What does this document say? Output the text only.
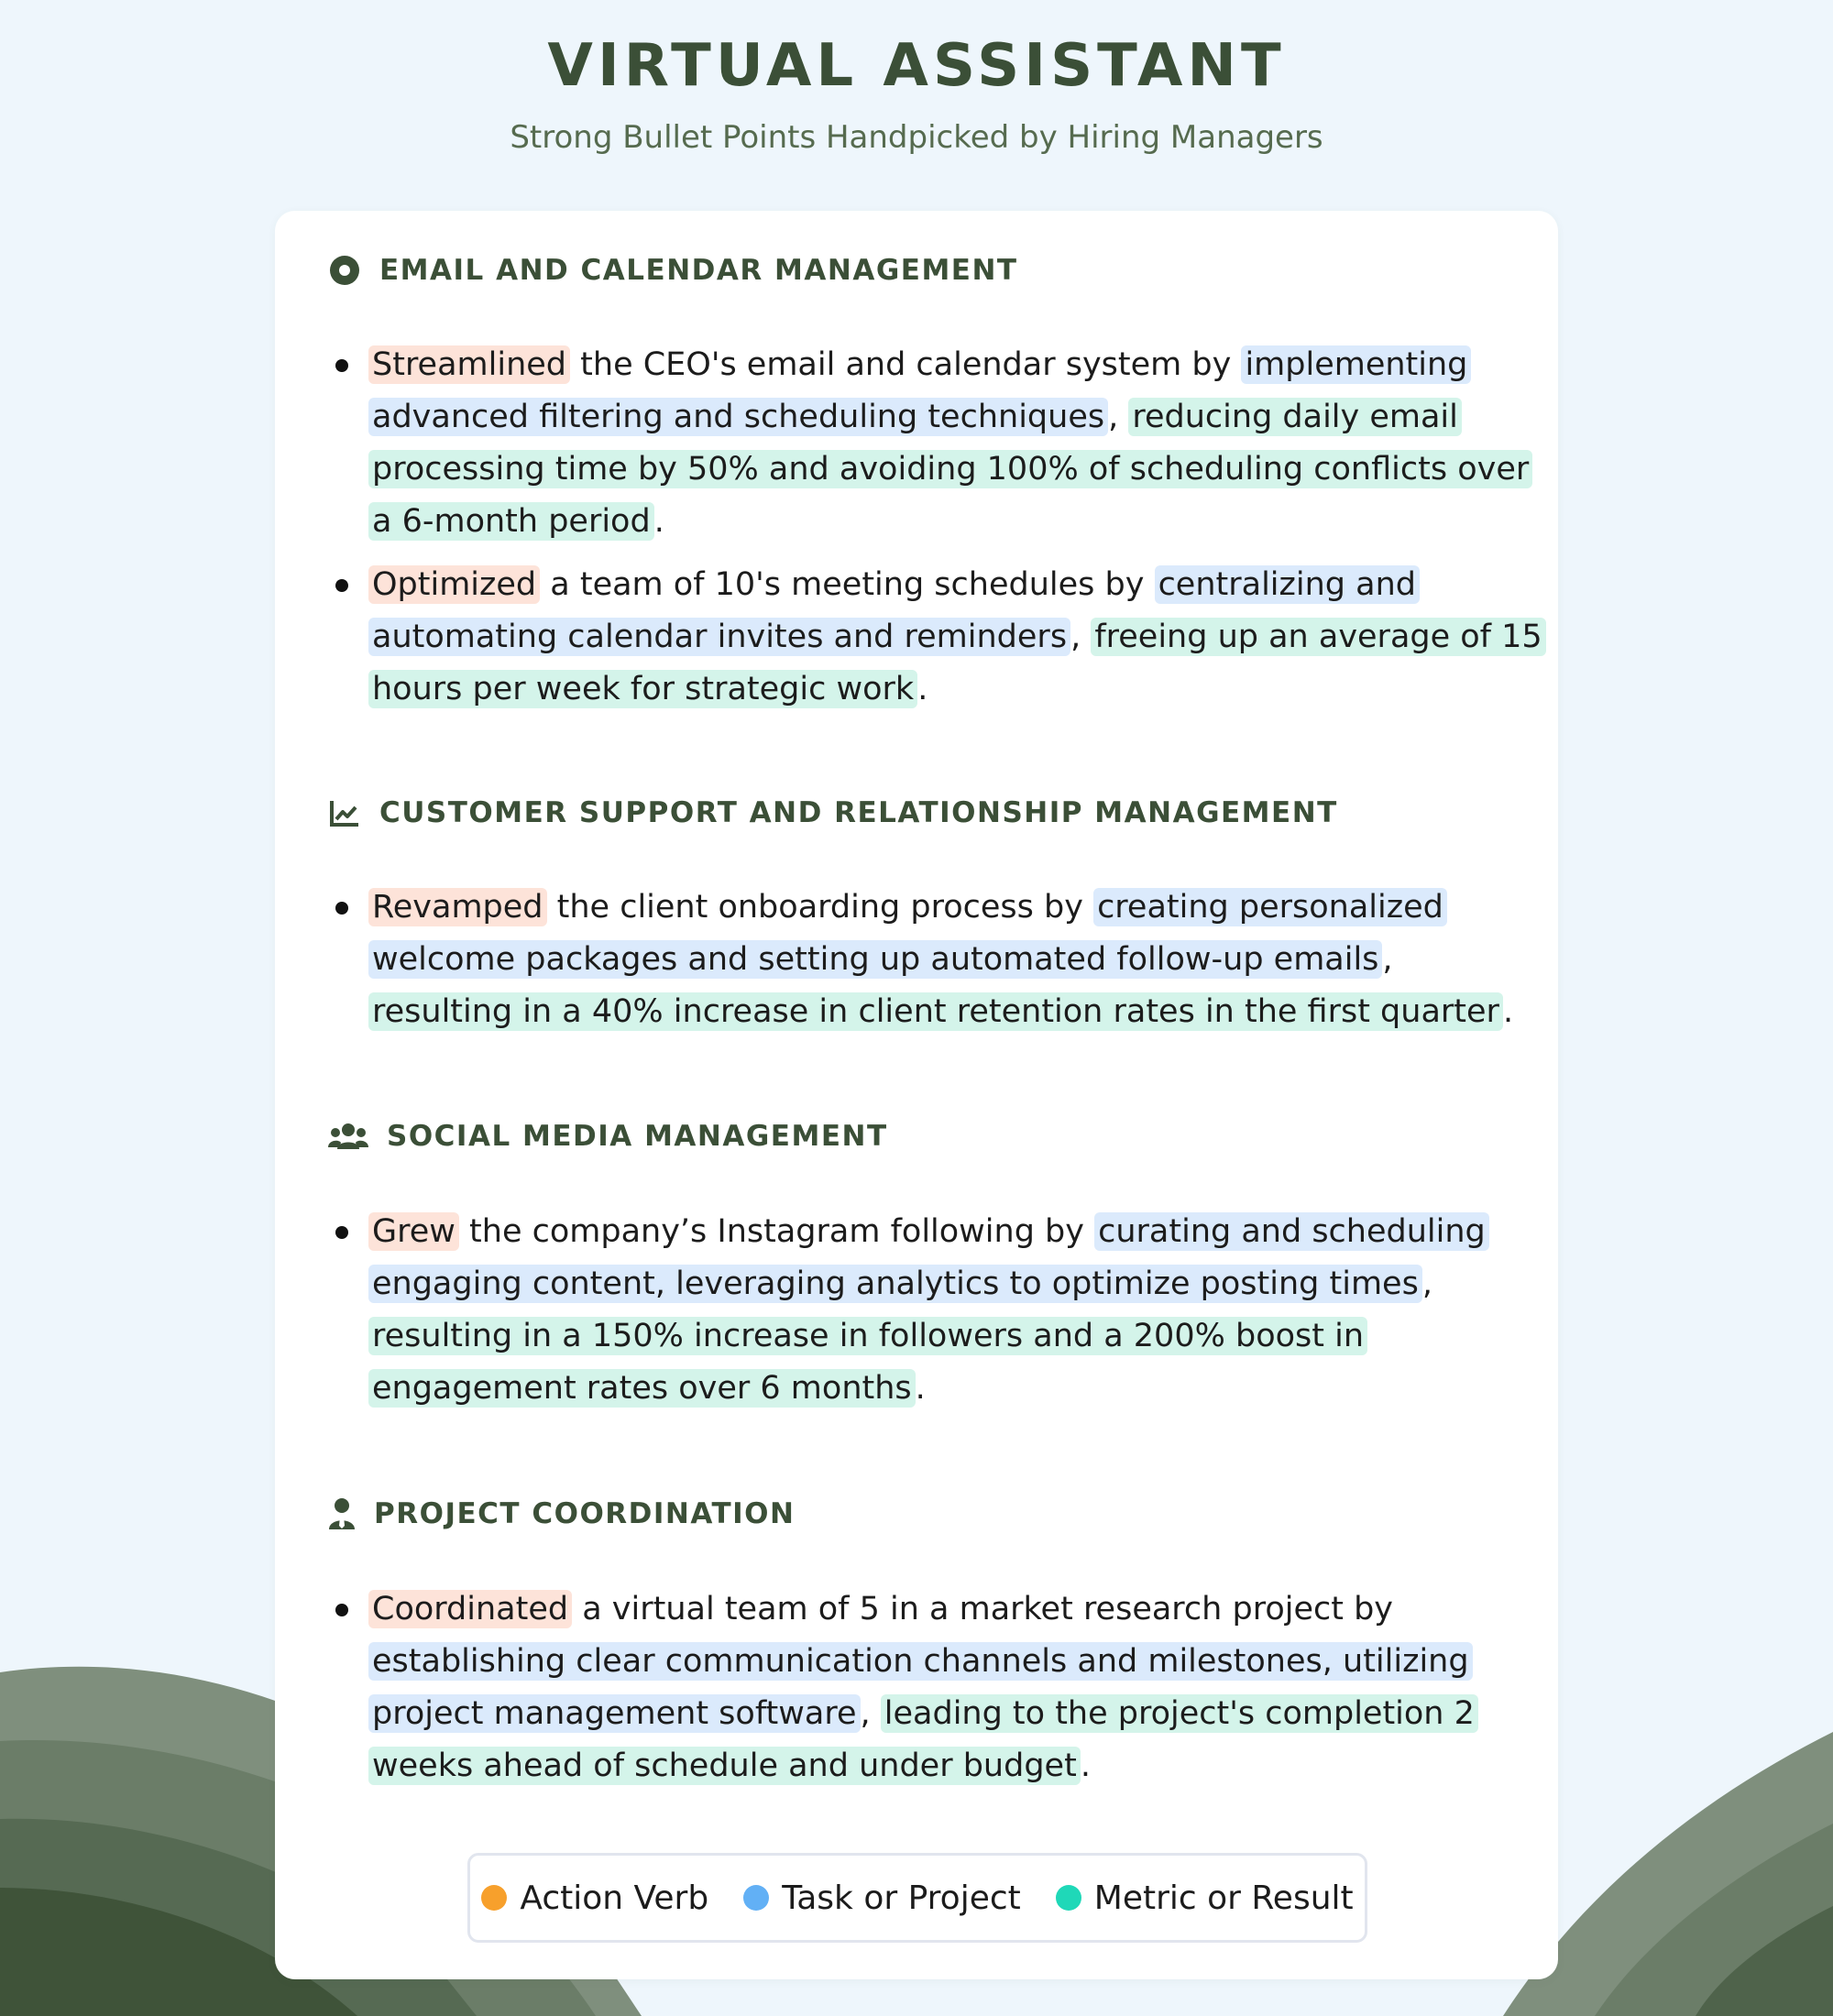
VIRTUAL ASSISTANT
Strong Bullet Points Handpicked by Hiring Managers
EMAIL AND CALENDAR MANAGEMENT
Streamlined the CEO's email and calendar system by implementing advanced filtering and scheduling techniques , reducing daily email processing time by 50% and avoiding 100% of scheduling conflicts over a 6-month period .
Optimized a team of 10's meeting schedules by centralizing and automating calendar invites and reminders , freeing up an average of 15 hours per week for strategic work .
CUSTOMER SUPPORT AND RELATIONSHIP MANAGEMENT
Revamped the client onboarding process by creating personalized welcome packages and setting up automated follow-up emails , resulting in a 40% increase in client retention rates in the first quarter .
SOCIAL MEDIA MANAGEMENT
Grew the company’s Instagram following by curating and scheduling engaging content, leveraging analytics to optimize posting times , resulting in a 150% increase in followers and a 200% boost in engagement rates over 6 months .
PROJECT COORDINATION
Coordinated a virtual team of 5 in a market research project by establishing clear communication channels and milestones, utilizing project management software , leading to the project's completion 2 weeks ahead of schedule and under budget .
Action Verb Task or Project Metric or Result
